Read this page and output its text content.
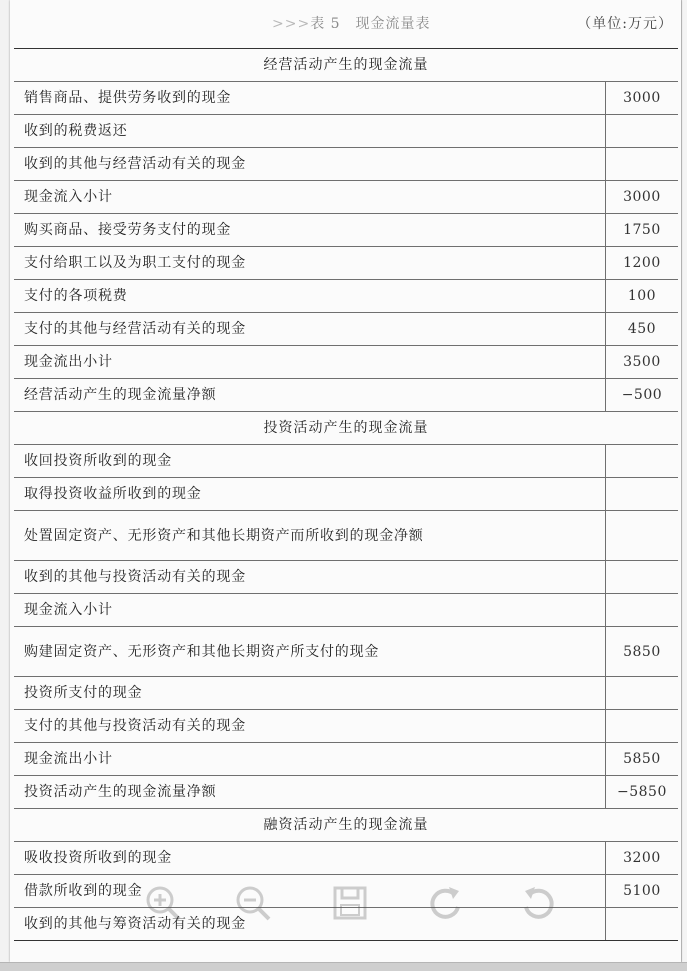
>>>表 5　现金流量表	（单位:万元）
经营活动产生的现金流量	
销售商品、提供劳务收到的现金	3000
收到的税费返还	
收到的其他与经营活动有关的现金	
现金流入小计	3000
购买商品、接受劳务支付的现金	1750
支付给职工以及为职工支付的现金	1200
支付的各项税费	100
支付的其他与经营活动有关的现金	450
现金流出小计	3500
经营活动产生的现金流量净额	−500
投资活动产生的现金流量	
收回投资所收到的现金	
取得投资收益所收到的现金	
处置固定资产、无形资产和其他长期资产而所收到的现金净额	
收到的其他与投资活动有关的现金	
现金流入小计	
购建固定资产、无形资产和其他长期资产所支付的现金	5850
投资所支付的现金	
支付的其他与投资活动有关的现金	
现金流出小计	5850
投资活动产生的现金流量净额	−5850
融资活动产生的现金流量	
吸收投资所收到的现金	3200
借款所收到的现金	5100
收到的其他与筹资活动有关的现金	
